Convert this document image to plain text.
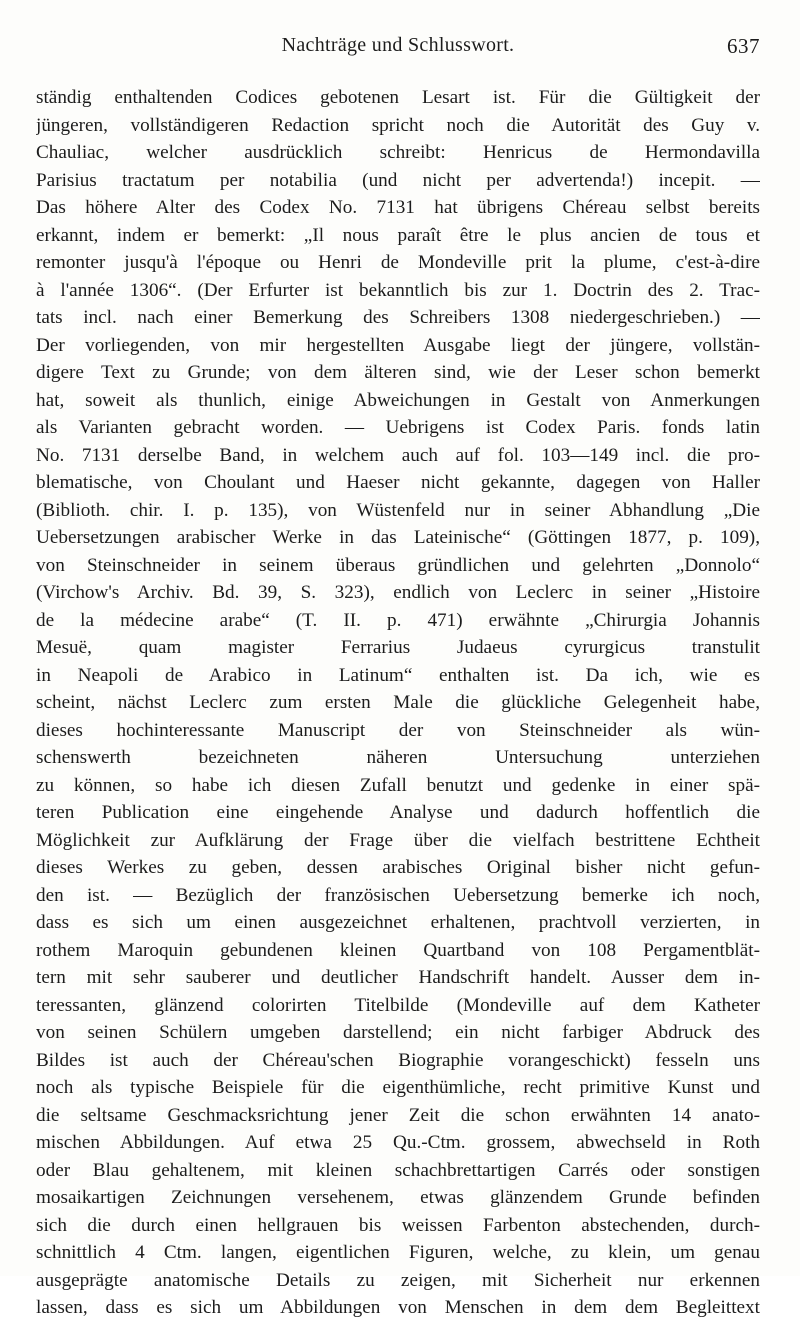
Nachträge und Schlusswort.	637
ständig enthaltenden Codices gebotenen Lesart ist. Für die Gültigkeit der
jüngeren, vollständigeren Redaction spricht noch die Autorität des Guy v.
Chauliac, welcher ausdrücklich schreibt: Henricus de Hermondavilla
Parisius tractatum per notabilia (und nicht per advertenda!) incepit. —
Das höhere Alter des Codex No. 7131 hat übrigens Chéreau selbst bereits
erkannt, indem er bemerkt: „Il nous paraît être le plus ancien de tous et
remonter jusqu'à l'époque ou Henri de Mondeville prit la plume, c'est-à-dire
à l'année 1306“. (Der Erfurter ist bekanntlich bis zur 1. Doctrin des 2. Trac-
tats incl. nach einer Bemerkung des Schreibers 1308 niedergeschrieben.) —
Der vorliegenden, von mir hergestellten Ausgabe liegt der jüngere, vollstän-
digere Text zu Grunde; von dem älteren sind, wie der Leser schon bemerkt
hat, soweit als thunlich, einige Abweichungen in Gestalt von Anmerkungen
als Varianten gebracht worden. — Uebrigens ist Codex Paris. fonds latin
No. 7131 derselbe Band, in welchem auch auf fol. 103—149 incl. die pro-
blematische, von Choulant und Haeser nicht gekannte, dagegen von Haller
(Biblioth. chir. I. p. 135), von Wüstenfeld nur in seiner Abhandlung „Die
Uebersetzungen arabischer Werke in das Lateinische“ (Göttingen 1877, p. 109),
von Steinschneider in seinem überaus gründlichen und gelehrten „Donnolo“
(Virchow's Archiv. Bd. 39, S. 323), endlich von Leclerc in seiner „Histoire
de la médecine arabe“ (T. II. p. 471) erwähnte „Chirurgia Johannis
Mesuë, quam magister Ferrarius Judaeus cyrurgicus transtulit
in Neapoli de Arabico in Latinum“ enthalten ist. Da ich, wie es
scheint, nächst Leclerc zum ersten Male die glückliche Gelegenheit habe,
dieses hochinteressante Manuscript der von Steinschneider als wün-
schenswerth bezeichneten näheren Untersuchung unterziehen
zu können, so habe ich diesen Zufall benutzt und gedenke in einer spä-
teren Publication eine eingehende Analyse und dadurch hoffentlich die
Möglichkeit zur Aufklärung der Frage über die vielfach bestrittene Echtheit
dieses Werkes zu geben, dessen arabisches Original bisher nicht gefun-
den ist. — Bezüglich der französischen Uebersetzung bemerke ich noch,
dass es sich um einen ausgezeichnet erhaltenen, prachtvoll verzierten, in
rothem Maroquin gebundenen kleinen Quartband von 108 Pergamentblät-
tern mit sehr sauberer und deutlicher Handschrift handelt. Ausser dem in-
teressanten, glänzend colorirten Titelbilde (Mondeville auf dem Katheter
von seinen Schülern umgeben darstellend; ein nicht farbiger Abdruck des
Bildes ist auch der Chéreau'schen Biographie vorangeschickt) fesseln uns
noch als typische Beispiele für die eigenthümliche, recht primitive Kunst und
die seltsame Geschmacksrichtung jener Zeit die schon erwähnten 14 anato-
mischen Abbildungen. Auf etwa 25 Qu.-Ctm. grossem, abwechseld in Roth
oder Blau gehaltenem, mit kleinen schachbrettartigen Carrés oder sonstigen
mosaikartigen Zeichnungen versehenem, etwas glänzendem Grunde befinden
sich die durch einen hellgrauen bis weissen Farbenton abstechenden, durch-
schnittlich 4 Ctm. langen, eigentlichen Figuren, welche, zu klein, um genau
ausgeprägte anatomische Details zu zeigen, mit Sicherheit nur erkennen
lassen, dass es sich um Abbildungen von Menschen in dem dem Begleittext
